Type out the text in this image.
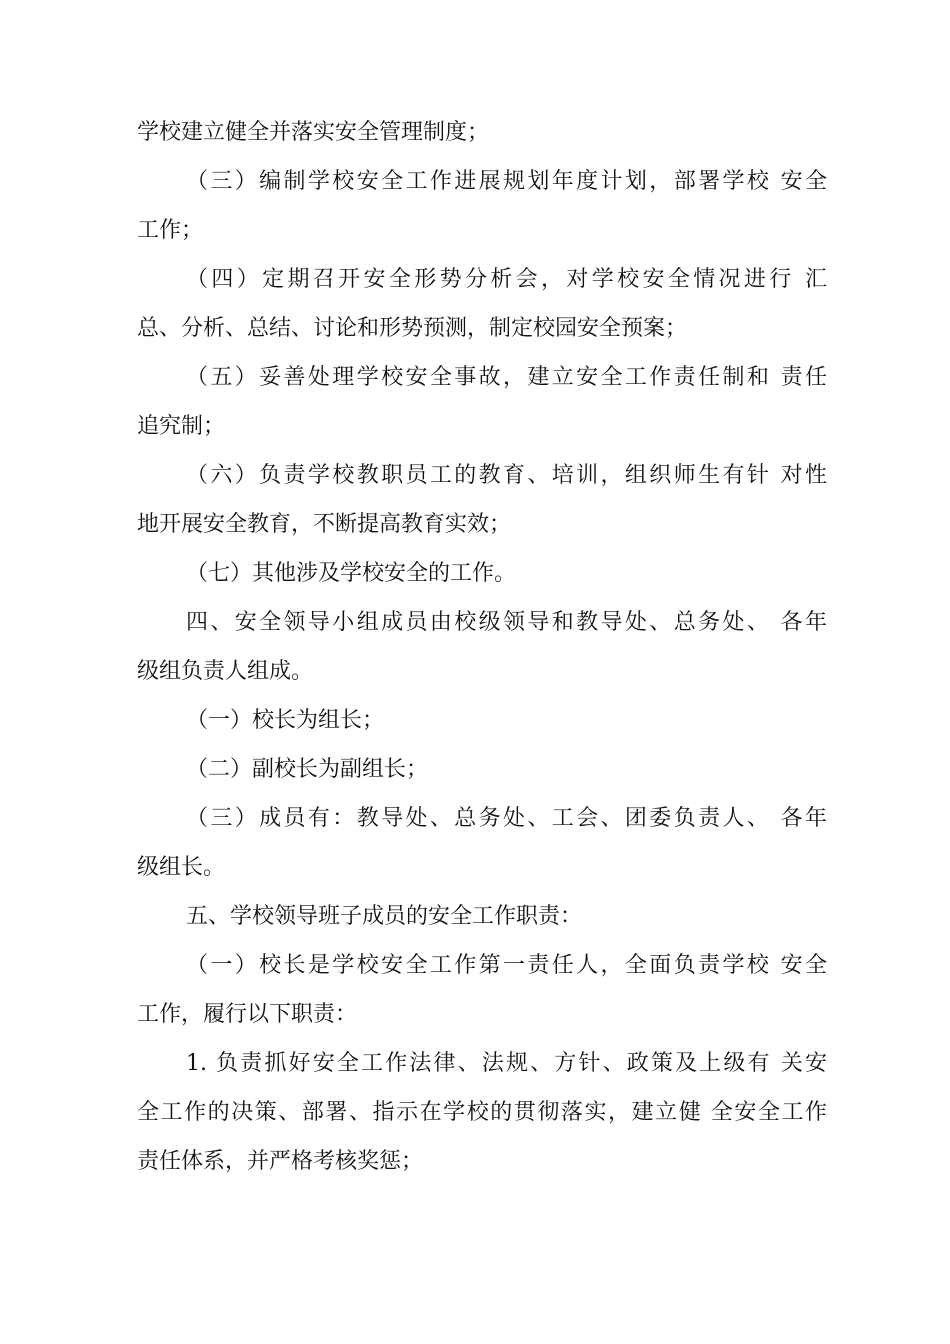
学校建立健全并落实安全管理制度；
（三）编制学校安全工作进展规划年度计划，部署学校 安全
工作；
（四）定期召开安全形势分析会，对学校安全情况进行 汇
总、分析、总结、讨论和形势预测，制定校园安全预案；
（五）妥善处理学校安全事故，建立安全工作责任制和 责任
追究制；
（六）负责学校教职员工的教育、培训，组织师生有针 对性
地开展安全教育，不断提高教育实效；
（七）其他涉及学校安全的工作。
四、安全领导小组成员由校级领导和教导处、总务处、 各年
级组负责人组成。
（一）校长为组长；
（二）副校长为副组长；
（三）成员有：教导处、总务处、工会、团委负责人、 各年
级组长。
五、学校领导班子成员的安全工作职责：
（一）校长是学校安全工作第一责任人，全面负责学校 安全
工作，履行以下职责：
1. 负责抓好安全工作法律、法规、方针、政策及上级有 关安
全工作的决策、部署、指示在学校的贯彻落实，建立健 全安全工作
责任体系，并严格考核奖惩；
